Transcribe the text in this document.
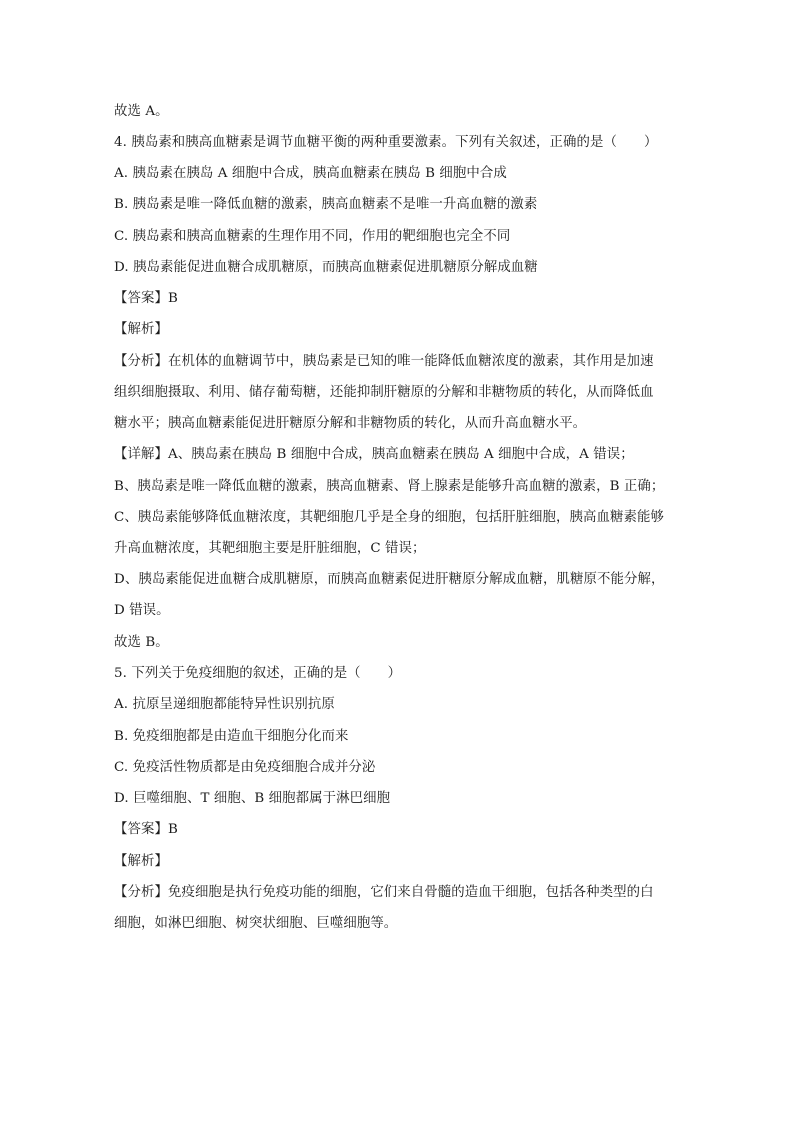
故选 A。
4. 胰岛素和胰高血糖素是调节血糖平衡的两种重要激素。下列有关叙述，正确的是（　　）
A. 胰岛素在胰岛 A 细胞中合成，胰高血糖素在胰岛 B 细胞中合成
B. 胰岛素是唯一降低血糖的激素，胰高血糖素不是唯一升高血糖的激素
C. 胰岛素和胰高血糖素的生理作用不同，作用的靶细胞也完全不同
D. 胰岛素能促进血糖合成肌糖原，而胰高血糖素促进肌糖原分解成血糖
【答案】B
【解析】
【分析】在机体的血糖调节中，胰岛素是已知的唯一能降低血糖浓度的激素，其作用是加速
组织细胞摄取、利用、储存葡萄糖，还能抑制肝糖原的分解和非糖物质的转化，从而降低血
糖水平；胰高血糖素能促进肝糖原分解和非糖物质的转化，从而升高血糖水平。
【详解】A、胰岛素在胰岛 B 细胞中合成，胰高血糖素在胰岛 A 细胞中合成，A 错误；
B、胰岛素是唯一降低血糖的激素，胰高血糖素、肾上腺素是能够升高血糖的激素，B 正确；
C、胰岛素能够降低血糖浓度，其靶细胞几乎是全身的细胞，包括肝脏细胞，胰高血糖素能够
升高血糖浓度，其靶细胞主要是肝脏细胞，C 错误；
D、胰岛素能促进血糖合成肌糖原，而胰高血糖素促进肝糖原分解成血糖，肌糖原不能分解，
D 错误。
故选 B。
5. 下列关于免疫细胞的叙述，正确的是（　　）
A. 抗原呈递细胞都能特异性识别抗原
B. 免疫细胞都是由造血干细胞分化而来
C. 免疫活性物质都是由免疫细胞合成并分泌
D. 巨噬细胞、T 细胞、B 细胞都属于淋巴细胞
【答案】B
【解析】
【分析】免疫细胞是执行免疫功能的细胞，它们来自骨髓的造血干细胞，包括各种类型的白
细胞，如淋巴细胞、树突状细胞、巨噬细胞等。
